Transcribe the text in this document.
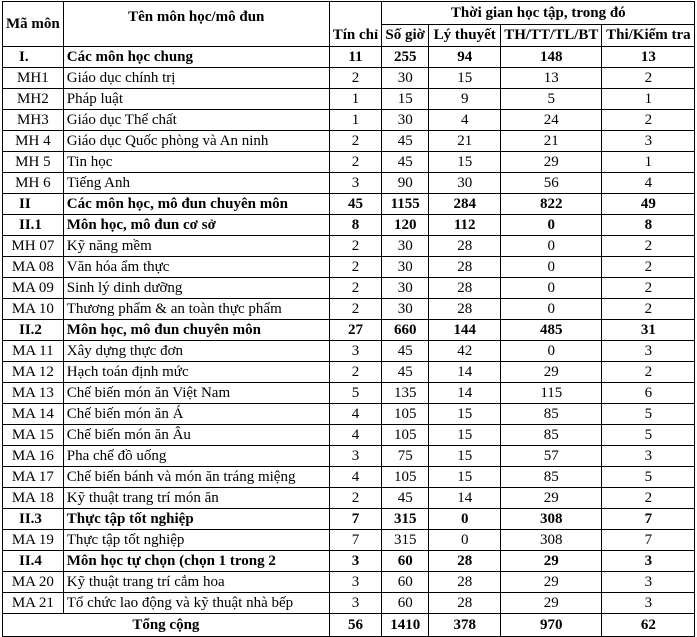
Mã môn	Tên môn học/mô đun	Tín chỉ	Thời gian học tập, trong đó			
			Số giờ	Lý thuyết	TH/TT/TL/BT	Thi/Kiểm tra
I.	Các môn học chung	11	255	94	148	13
MH1	Giáo dục chính trị	2	30	15	13	2
MH2	Pháp luật	1	15	9	5	1
MH3	Giáo dục Thể chất	1	30	4	24	2
MH 4	Giáo dục Quốc phòng và An ninh	2	45	21	21	3
MH 5	Tin học	2	45	15	29	1
MH 6	Tiếng Anh	3	90	30	56	4
II	Các môn học, mô đun chuyên môn	45	1155	284	822	49
II.1	Môn học, mô đun cơ sở	8	120	112	0	8
MH 07	Kỹ năng mềm	2	30	28	0	2
MA 08	Văn hóa ẩm thực	2	30	28	0	2
MA 09	Sinh lý dinh dưỡng	2	30	28	0	2
MA 10	Thương phẩm & an toàn thực phẩm	2	30	28	0	2
II.2	Môn học, mô đun chuyên môn	27	660	144	485	31
MA 11	Xây dựng thực đơn	3	45	42	0	3
MA 12	Hạch toán định mức	2	45	14	29	2
MA 13	Chế biến món ăn Việt Nam	5	135	14	115	6
MA 14	Chế biến món ăn Á	4	105	15	85	5
MA 15	Chế biến món ăn Âu	4	105	15	85	5
MA 16	Pha chế đồ uống	3	75	15	57	3
MA 17	Chế biến bánh và món ăn tráng miệng	4	105	15	85	5
MA 18	Kỹ thuật trang trí món ăn	2	45	14	29	2
II.3	Thực tập tốt nghiệp	7	315	0	308	7
MA 19	Thực tập tốt nghiệp	7	315	0	308	7
II.4	Môn học tự chọn (chọn 1 trong 2	3	60	28	29	3
MA 20	Kỹ thuật trang trí cắm hoa	3	60	28	29	3
MA 21	Tổ chức lao động và kỹ thuật nhà bếp	3	60	28	29	3
Tổng cộng		56	1410	378	970	62
